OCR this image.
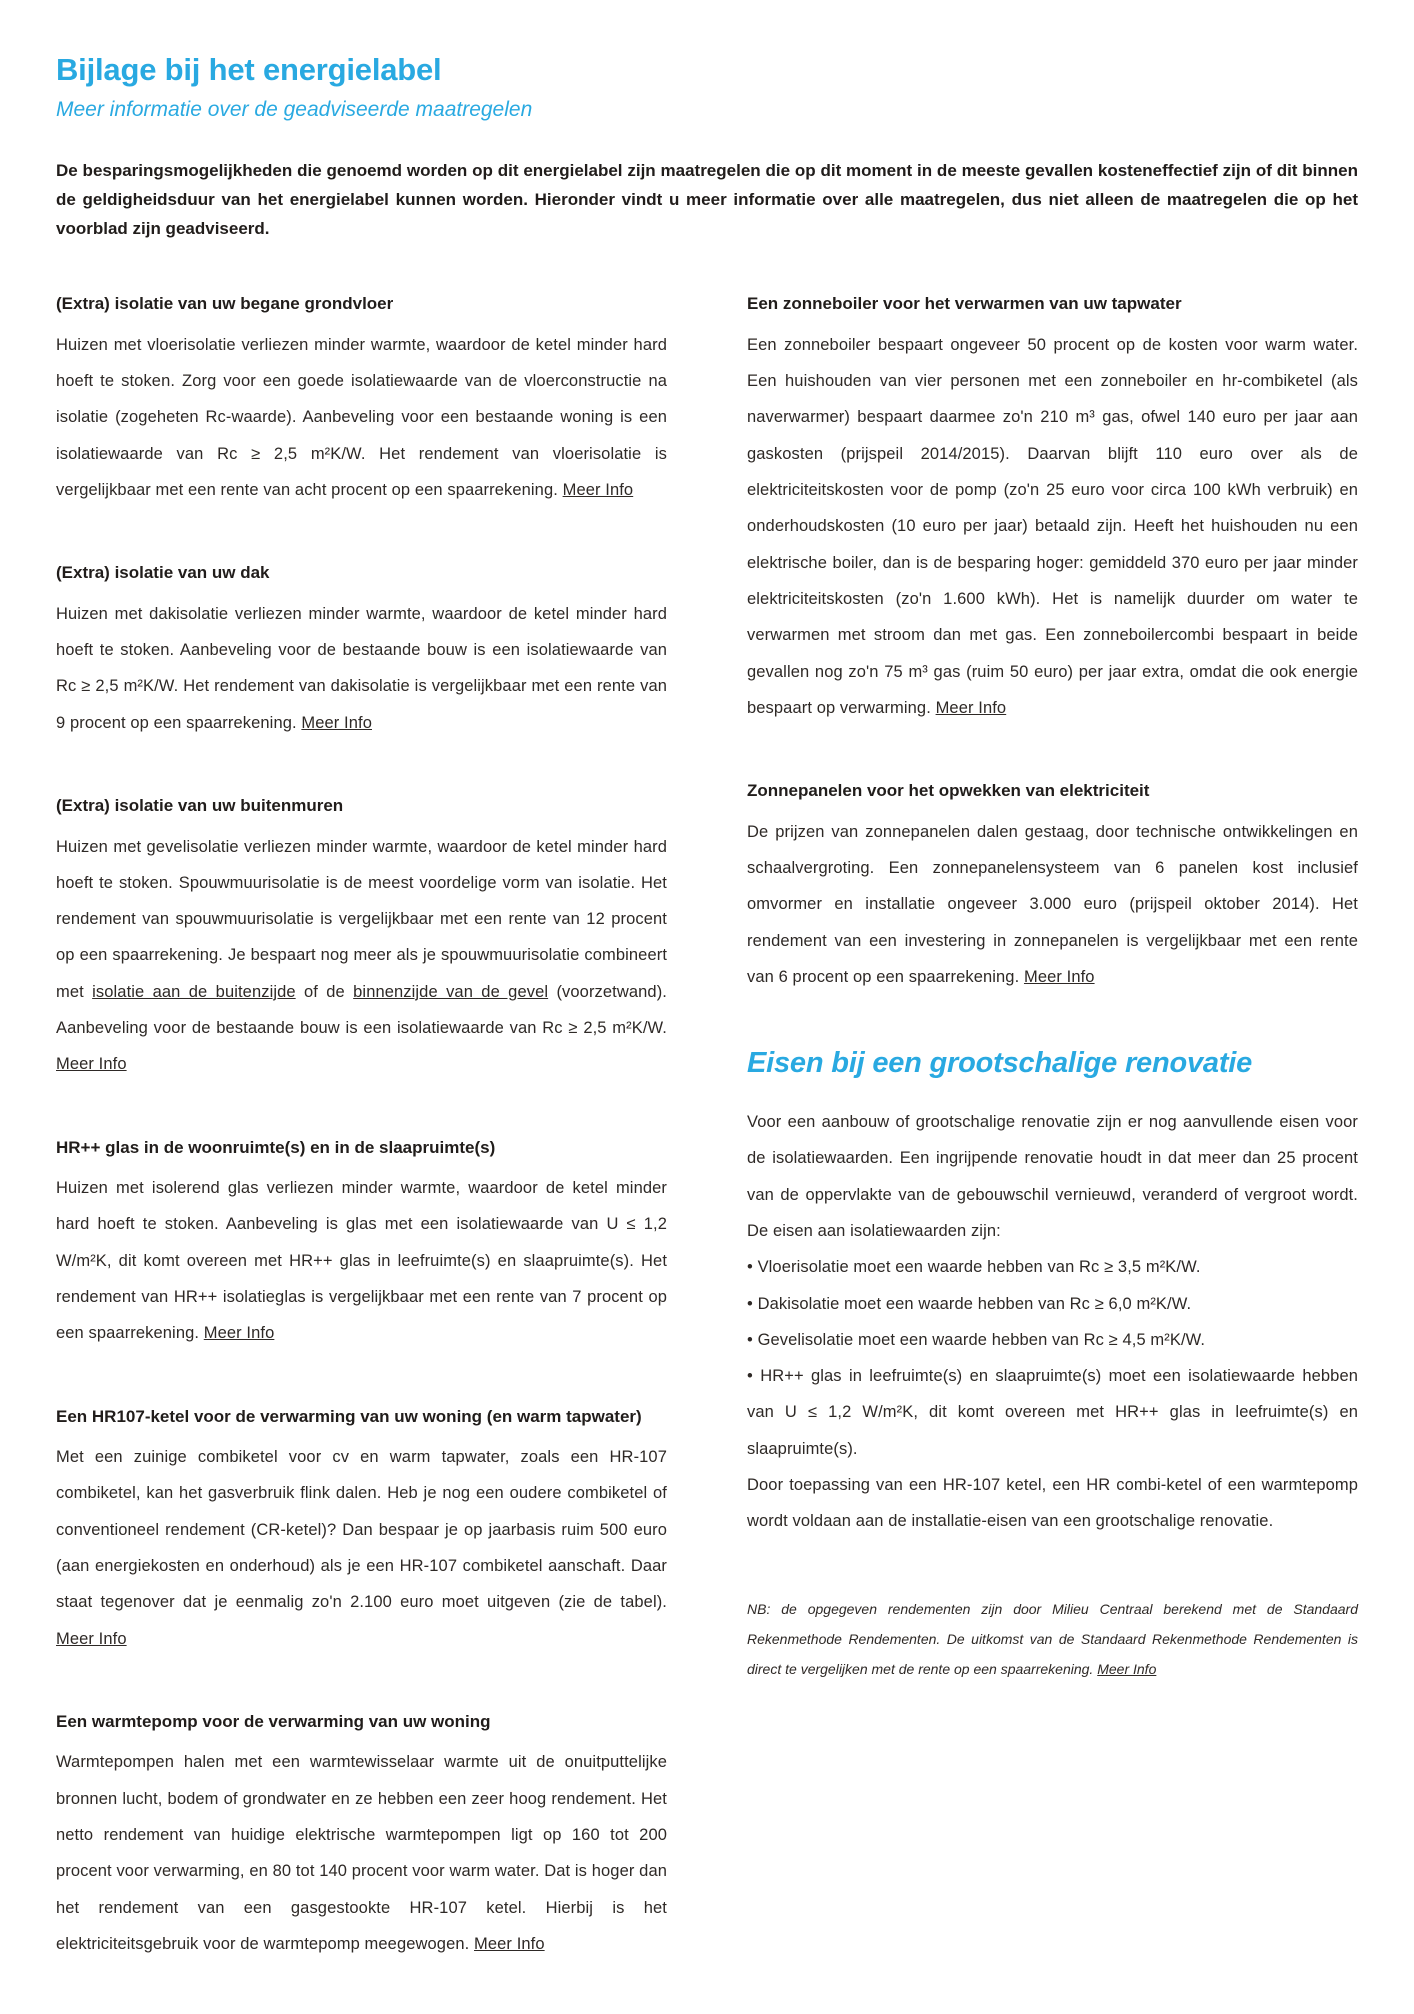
Bijlage bij het energielabel
Meer informatie over de geadviseerde maatregelen

De besparingsmogelijkheden die genoemd worden op dit energielabel zijn maatregelen die op dit moment in de meeste gevallen kosteneffectief zijn of dit binnen de geldigheidsduur van het energielabel kunnen worden. Hieronder vindt u meer informatie over alle maatregelen, dus niet alleen de maatregelen die op het voorblad zijn geadviseerd.

(Extra) isolatie van uw begane grondvloer

Huizen met vloerisolatie verliezen minder warmte, waardoor de ketel minder hard hoeft te stoken. Zorg voor een goede isolatiewaarde van de vloerconstructie na isolatie (zogeheten Rc-waarde). Aanbeveling voor een bestaande woning is een isolatiewaarde van Rc ≥ 2,5 m²K/W. Het rendement van vloerisolatie is vergelijkbaar met een rente van acht procent op een spaarrekening. Meer Info

(Extra) isolatie van uw dak

Huizen met dakisolatie verliezen minder warmte, waardoor de ketel minder hard hoeft te stoken. Aanbeveling voor de bestaande bouw is een isolatiewaarde van Rc ≥ 2,5 m²K/W. Het rendement van dakisolatie is vergelijkbaar met een rente van 9 procent op een spaarrekening. Meer Info

(Extra) isolatie van uw buitenmuren

Huizen met gevelisolatie verliezen minder warmte, waardoor de ketel minder hard hoeft te stoken. Spouwmuurisolatie is de meest voordelige vorm van isolatie. Het rendement van spouwmuurisolatie is vergelijkbaar met een rente van 12 procent op een spaarrekening. Je bespaart nog meer als je spouwmuurisolatie combineert met isolatie aan de buitenzijde of de binnenzijde van de gevel (voorzetwand). Aanbeveling voor de bestaande bouw is een isolatiewaarde van Rc ≥ 2,5 m²K/W. Meer Info

HR++ glas in de woonruimte(s) en in de slaapruimte(s)

Huizen met isolerend glas verliezen minder warmte, waardoor de ketel minder hard hoeft te stoken. Aanbeveling is glas met een isolatiewaarde van U ≤ 1,2 W/m²K, dit komt overeen met HR++ glas in leefruimte(s) en slaapruimte(s). Het rendement van HR++ isolatieglas is vergelijkbaar met een rente van 7 procent op een spaarrekening. Meer Info

Een HR107-ketel voor de verwarming van uw woning (en warm tapwater)

Met een zuinige combiketel voor cv en warm tapwater, zoals een HR-107 combiketel, kan het gasverbruik flink dalen. Heb je nog een oudere combiketel of conventioneel rendement (CR-ketel)? Dan bespaar je op jaarbasis ruim 500 euro (aan energiekosten en onderhoud) als je een HR-107 combiketel aanschaft. Daar staat tegenover dat je eenmalig zo'n 2.100 euro moet uitgeven (zie de tabel). Meer Info

Een warmtepomp voor de verwarming van uw woning

Warmtepompen halen met een warmtewisselaar warmte uit de onuitputtelijke bronnen lucht, bodem of grondwater en ze hebben een zeer hoog rendement. Het netto rendement van huidige elektrische warmtepompen ligt op 160 tot 200 procent voor verwarming, en 80 tot 140 procent voor warm water. Dat is hoger dan het rendement van een gasgestookte HR-107 ketel. Hierbij is het elektriciteitsgebruik voor de warmtepomp meegewogen. Meer Info

Een zonneboiler voor het verwarmen van uw tapwater

Een zonneboiler bespaart ongeveer 50 procent op de kosten voor warm water. Een huishouden van vier personen met een zonneboiler en hr-combiketel (als naverwarmer) bespaart daarmee zo'n 210 m³ gas, ofwel 140 euro per jaar aan gaskosten (prijspeil 2014/2015). Daarvan blijft 110 euro over als de elektriciteitskosten voor de pomp (zo'n 25 euro voor circa 100 kWh verbruik) en onderhoudskosten (10 euro per jaar) betaald zijn. Heeft het huishouden nu een elektrische boiler, dan is de besparing hoger: gemiddeld 370 euro per jaar minder elektriciteitskosten (zo'n 1.600 kWh). Het is namelijk duurder om water te verwarmen met stroom dan met gas. Een zonneboilercombi bespaart in beide gevallen nog zo'n 75 m³ gas (ruim 50 euro) per jaar extra, omdat die ook energie bespaart op verwarming. Meer Info

Zonnepanelen voor het opwekken van elektriciteit

De prijzen van zonnepanelen dalen gestaag, door technische ontwikkelingen en schaalvergroting. Een zonnepanelensysteem van 6 panelen kost inclusief omvormer en installatie ongeveer 3.000 euro (prijspeil oktober 2014). Het rendement van een investering in zonnepanelen is vergelijkbaar met een rente van 6 procent op een spaarrekening. Meer Info

Eisen bij een grootschalige renovatie

Voor een aanbouw of grootschalige renovatie zijn er nog aanvullende eisen voor de isolatiewaarden. Een ingrijpende renovatie houdt in dat meer dan 25 procent van de oppervlakte van de gebouwschil vernieuwd, veranderd of vergroot wordt. De eisen aan isolatiewaarden zijn:

• Vloerisolatie moet een waarde hebben van Rc ≥ 3,5 m²K/W.

• Dakisolatie moet een waarde hebben van Rc ≥ 6,0 m²K/W.

• Gevelisolatie moet een waarde hebben van Rc ≥ 4,5 m²K/W.

• HR++ glas in leefruimte(s) en slaapruimte(s) moet een isolatiewaarde hebben van U ≤ 1,2 W/m²K, dit komt overeen met HR++ glas in leefruimte(s) en slaapruimte(s).

Door toepassing van een HR-107 ketel, een HR combi-ketel of een warmtepomp wordt voldaan aan de installatie-eisen van een grootschalige renovatie.

NB: de opgegeven rendementen zijn door Milieu Centraal berekend met de Standaard Rekenmethode Rendementen. De uitkomst van de Standaard Rekenmethode Rendementen is direct te vergelijken met de rente op een spaarrekening. Meer Info
